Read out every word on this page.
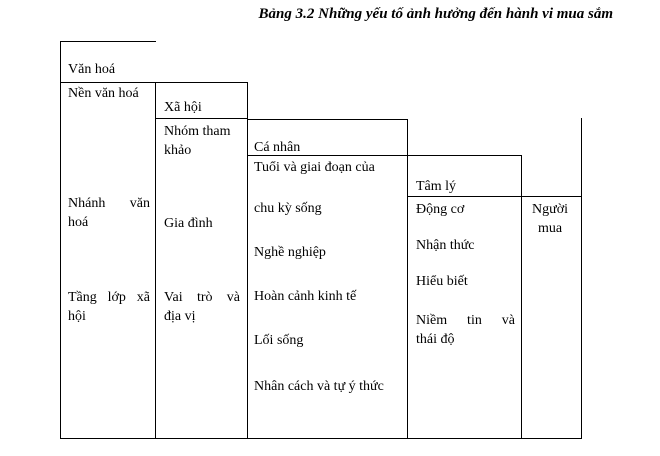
Bảng 3.2 Những yếu tố ảnh hưởng đến hành vi mua sắm
Văn hoá
Nền văn hoá
Nhánh văn
hoá
Tầng lớp xã
hội
Xã hội
Nhóm tham
khảo
Gia đình
Vai trò và
địa vị
Cá nhân
Tuổi và giai đoạn của
chu kỳ sống
Nghề nghiệp
Hoàn cảnh kinh tế
Lối sống
Nhân cách và tự ý thức
Tâm lý
Động cơ
Nhận thức
Hiểu biết
Niềm tin và
thái độ
Người
mua
